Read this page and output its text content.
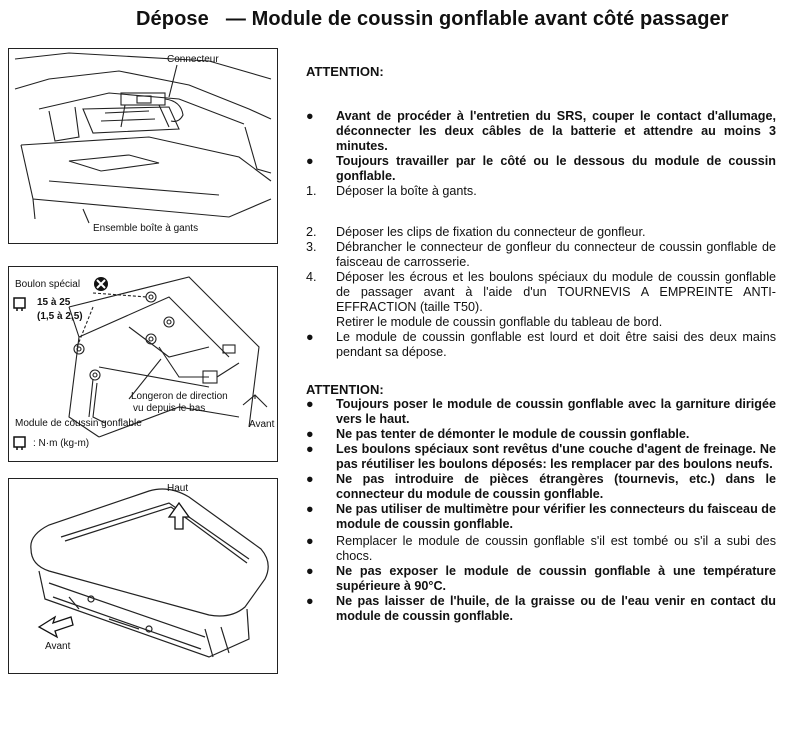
Dépose — Module de coussin gonflable avant côté passager
Connecteur
Ensemble boîte à gants
Boulon spécial
15 à 25
(1,5 à 2,5)
Longeron de direction
vu depuis le bas
Avant
Module de coussin gonflable
: N·m (kg-m)
Haut
Avant

ATTENTION:

●	Avant de procéder à l'entretien du SRS, couper le contact d'allumage, déconnecter les deux câbles de la batterie et attendre au moins 3 minutes.
●	Toujours travailler par le côté ou le dessous du module de coussin gonflable.
1.	Déposer la boîte à gants.
2.	Déposer les clips de fixation du connecteur de gonfleur.
3.	Débrancher le connecteur de gonfleur du connecteur de coussin gonflable de faisceau de carrosserie.
4.	Déposer les écrous et les boulons spéciaux du module de coussin gonflable de passager avant à l'aide d'un TOURNEVIS A EMPREINTE ANTI-EFFRACTION (taille T50).
Retirer le module de coussin gonflable du tableau de bord.
●	Le module de coussin gonflable est lourd et doit être saisi des deux mains pendant sa dépose.

ATTENTION:

●	Toujours poser le module de coussin gonflable avec la garniture dirigée vers le haut.
●	Ne pas tenter de démonter le module de coussin gonflable.
●	Les boulons spéciaux sont revêtus d'une couche d'agent de freinage. Ne pas réutiliser les boulons déposés: les remplacer par des boulons neufs.
●	Ne pas introduire de pièces étrangères (tournevis, etc.) dans le connecteur du module de coussin gonflable.
●	Ne pas utiliser de multimètre pour vérifier les connecteurs du faisceau de module de coussin gonflable.
●	Remplacer le module de coussin gonflable s'il est tombé ou s'il a subi des chocs.
●	Ne pas exposer le module de coussin gonflable à une température supérieure à 90°C.
●	Ne pas laisser de l'huile, de la graisse ou de l'eau venir en contact du module de coussin gonflable.
